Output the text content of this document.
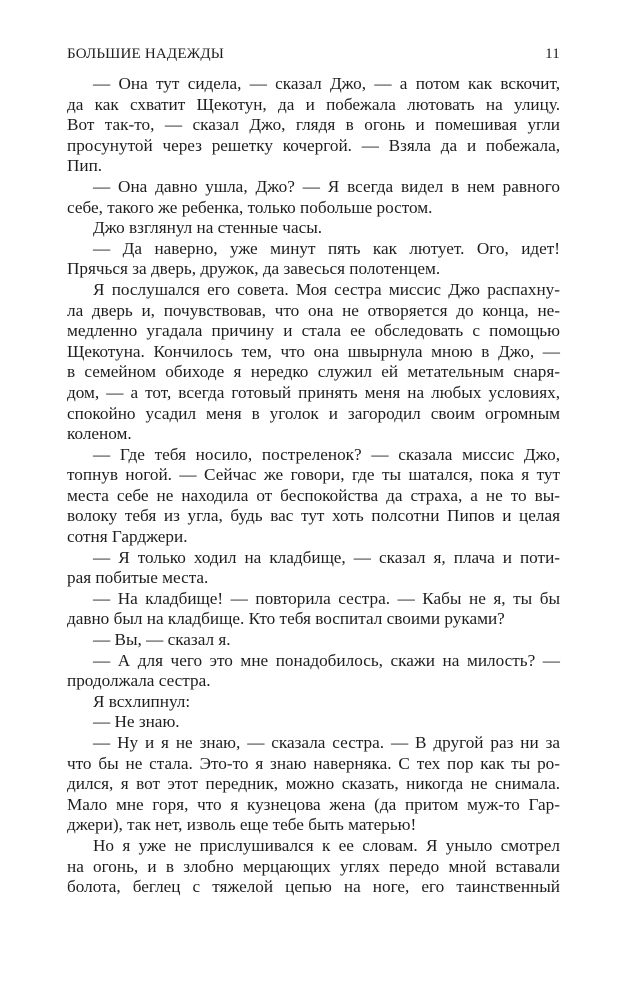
БОЛЬШИЕ НАДЕЖДЫ	11
— Она тут сидела, — сказал Джо, — а потом как вскочит,
да как схватит Щекотун, да и побежала лютовать на улицу.
Вот так-то, — сказал Джо, глядя в огонь и помешивая угли
просунутой через решетку кочергой. — Взяла да и побежала,
Пип.
— Она давно ушла, Джо? — Я всегда видел в нем равного
себе, такого же ребенка, только побольше ростом.
Джо взглянул на стенные часы.
— Да наверно, уже минут пять как лютует. Ого, идет!
Прячься за дверь, дружок, да завесься полотенцем.
Я послушался его совета. Моя сестра миссис Джо распахну-
ла дверь и, почувствовав, что она не отворяется до конца, не-
медленно угадала причину и стала ее обследовать с помощью
Щекотуна. Кончилось тем, что она швырнула мною в Джо, —
в семейном обиходе я нередко служил ей метательным снаря-
дом, — а тот, всегда готовый принять меня на любых условиях,
спокойно усадил меня в уголок и загородил своим огромным
коленом.
— Где тебя носило, постреленок? — сказала миссис Джо,
топнув ногой. — Сейчас же говори, где ты шатался, пока я тут
места себе не находила от беспокойства да страха, а не то вы-
волоку тебя из угла, будь вас тут хоть полсотни Пипов и целая
сотня Гарджери.
— Я только ходил на кладбище, — сказал я, плача и поти-
рая побитые места.
— На кладбище! — повторила сестра. — Кабы не я, ты бы
давно был на кладбище. Кто тебя воспитал своими руками?
— Вы, — сказал я.
— А для чего это мне понадобилось, скажи на милость? —
продолжала сестра.
Я всхлипнул:
— Не знаю.
— Ну и я не знаю, — сказала сестра. — В другой раз ни за
что бы не стала. Это-то я знаю наверняка. С тех пор как ты ро-
дился, я вот этот передник, можно сказать, никогда не снимала.
Мало мне горя, что я кузнецова жена (да притом муж-то Гар-
джери), так нет, изволь еще тебе быть матерью!
Но я уже не прислушивался к ее словам. Я уныло смотрел
на огонь, и в злобно мерцающих углях передо мной вставали
болота, беглец с тяжелой цепью на ноге, его таинственный
